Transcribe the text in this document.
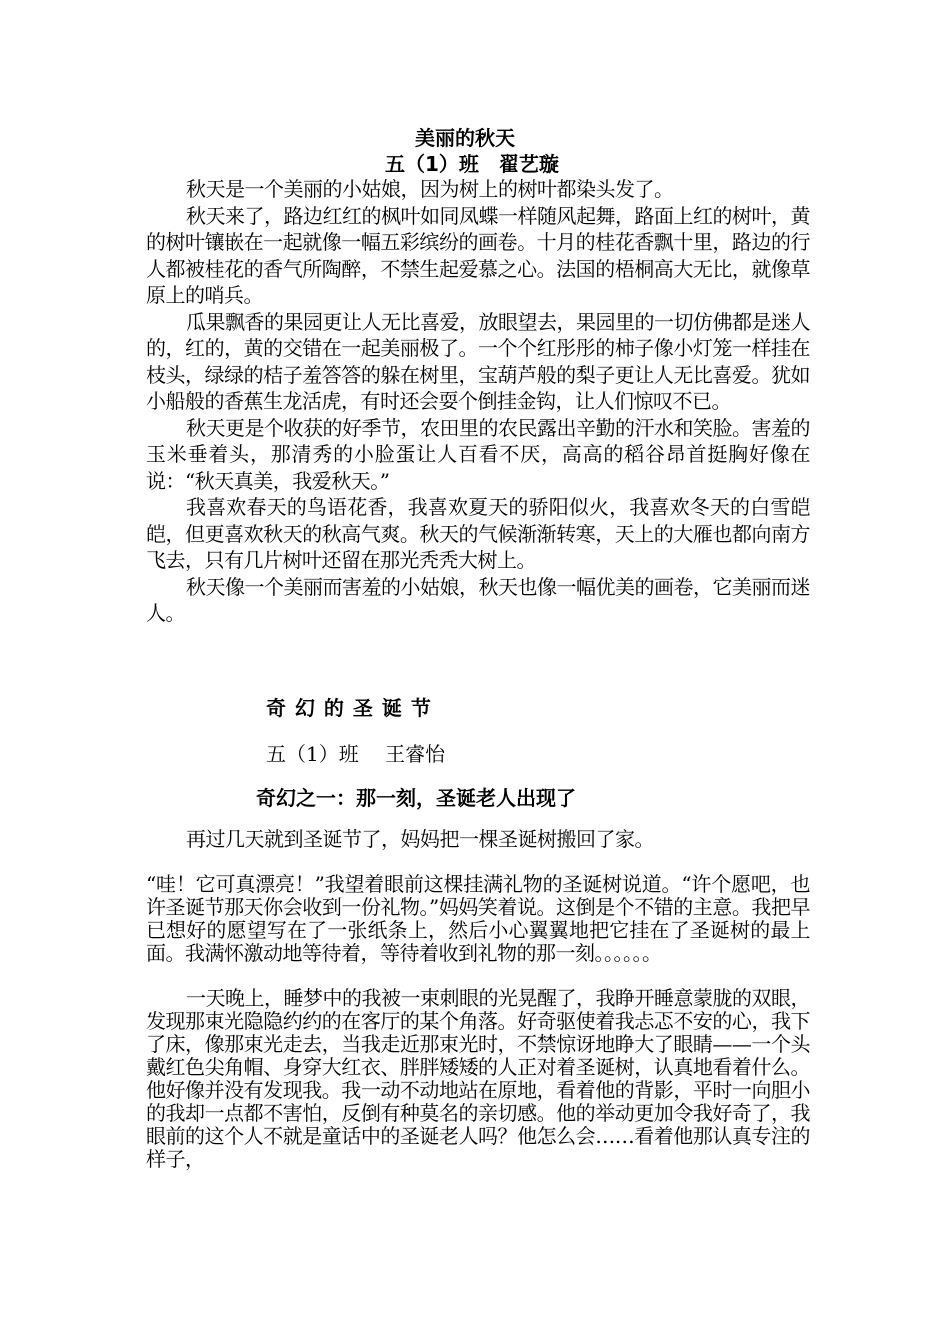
美丽的秋天
五（1）班　翟艺璇

秋天是一个美丽的小姑娘，因为树上的树叶都染头发了。

秋天来了，路边红红的枫叶如同凤蝶一样随风起舞，路面上红的树叶，黄的树叶镶嵌在一起就像一幅五彩缤纷的画卷。十月的桂花香飘十里，路边的行人都被桂花的香气所陶醉，不禁生起爱慕之心。法国的梧桐高大无比，就像草原上的哨兵。

瓜果飘香的果园更让人无比喜爱，放眼望去，果园里的一切仿佛都是迷人的，红的，黄的交错在一起美丽极了。一个个红彤彤的柿子像小灯笼一样挂在枝头，绿绿的桔子羞答答的躲在树里，宝葫芦般的梨子更让人无比喜爱。犹如小船般的香蕉生龙活虎，有时还会耍个倒挂金钩，让人们惊叹不已。

秋天更是个收获的好季节，农田里的农民露出辛勤的汗水和笑脸。害羞的玉米垂着头，那清秀的小脸蛋让人百看不厌，高高的稻谷昂首挺胸好像在说：“秋天真美，我爱秋天。”

我喜欢春天的鸟语花香，我喜欢夏天的骄阳似火，我喜欢冬天的白雪皑皑，但更喜欢秋天的秋高气爽。秋天的气候渐渐转寒，天上的大雁也都向南方飞去，只有几片树叶还留在那光秃秃大树上。

秋天像一个美丽而害羞的小姑娘，秋天也像一幅优美的画卷，它美丽而迷人。

奇 幻 的 圣 诞 节
五（1）班　 王睿怡
奇幻之一：那一刻，圣诞老人出现了

再过几天就到圣诞节了，妈妈把一棵圣诞树搬回了家。

“哇！它可真漂亮！”我望着眼前这棵挂满礼物的圣诞树说道。“许个愿吧，也许圣诞节那天你会收到一份礼物。”妈妈笑着说。这倒是个不错的主意。我把早已想好的愿望写在了一张纸条上，然后小心翼翼地把它挂在了圣诞树的最上面。我满怀激动地等待着，等待着收到礼物的那一刻。。。。。。

一天晚上，睡梦中的我被一束刺眼的光晃醒了，我睁开睡意蒙胧的双眼，发现那束光隐隐约约的在客厅的某个角落。好奇驱使着我忐忑不安的心，我下了床，像那束光走去，当我走近那束光时，不禁惊讶地睁大了眼睛——一个头戴红色尖角帽、身穿大红衣、胖胖矮矮的人正对着圣诞树，认真地看着什么。他好像并没有发现我。我一动不动地站在原地，看着他的背影，平时一向胆小的我却一点都不害怕，反倒有种莫名的亲切感。他的举动更加令我好奇了，我眼前的这个人不就是童话中的圣诞老人吗？他怎么会……看着他那认真专注的样子，
